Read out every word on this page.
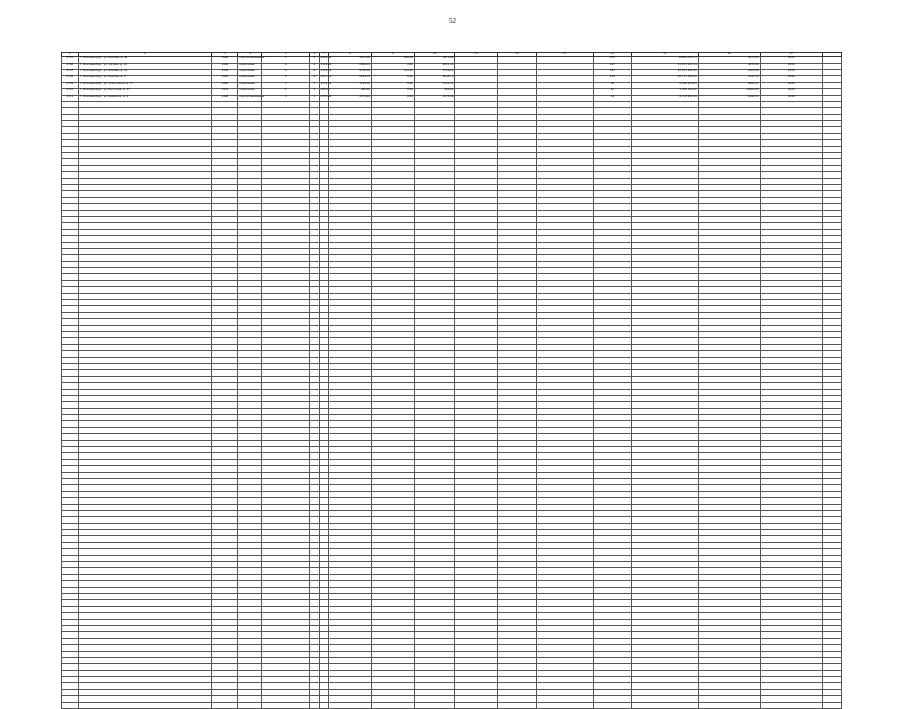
52
1	2	3	4	5	6	7	8	9	10	11	12	13	14	15	16	17	
2705	Г. Екатеринбург, ул. Бажова, д. 40	1968	крупнопанельные	5	4	4499,60	3873,60	626,00	3873,60				255	10064 506,73	4973,21	2039	
2706	Г. Екатеринбург, ул. Фучика, д. 12	1958	кирпичные	4	4	3124,60	2806,10	0,00	2031,40				147	11 973 221,54	4078,52	2039	
2707	Г. Екатеринбург, ул. Бажова, д. 10	1958	кирпичные	5	4	5725,20	4726,00	144,10	4726,00				545	10 257 802,85	2465,56	2039	
2708	Г. Екатеринбург, ул. Бажова, д. 5	1958	кирпичные	4	4	2937,20	2644,70	0,00	2644,70				116	10 173 329,41	3197,55	2039	
2709	Г. Екатеринбург, ул. Электриков, д. 17	1960	кирпичные	3	3	1279,30	1155,30	0,00	1155,30				38	6 442 005,65	4462,97	2039	
2710	Г. Екатеринбург, ул. Ватутина, д. 37	1959	кирпичные	2	2	484,80	400,60	0,00	400,60				20	4 408 184,12	10460,41	2039	
2711	Г. Екатеринбург, ул. Шефская, д. 4	1968	крупнопанельные	5	4	4375,40	4579,40	0,00	4375,40				34	8 179 932,44	1882,51	2039	
